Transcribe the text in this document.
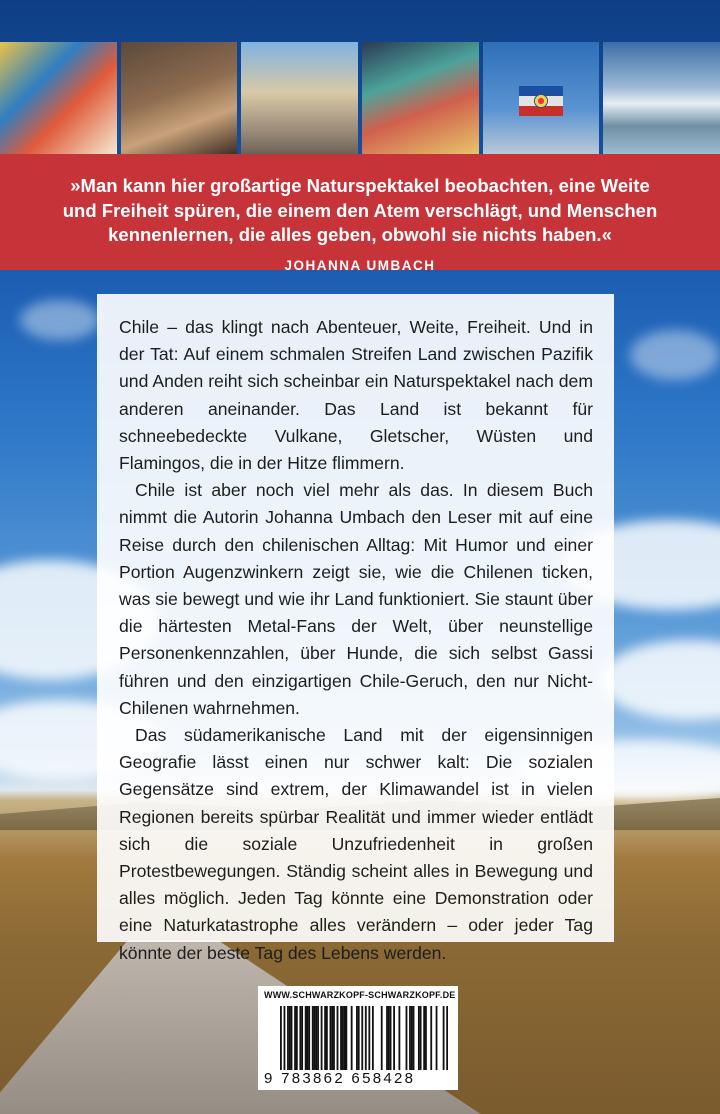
»Man kann hier großartige Naturspektakel beobachten, eine Weite
und Freiheit spüren, die einem den Atem verschlägt, und Menschen
kennenlernen, die alles geben, obwohl sie nichts haben.«
JOHANNA UMBACH

Chile – das klingt nach Abenteuer, Weite, Freiheit. Und in der Tat: Auf einem schmalen Streifen Land zwischen Pazifik und Anden reiht sich scheinbar ein Naturspektakel nach dem anderen aneinander. Das Land ist bekannt für schneebedeckte Vulkane, Gletscher, Wüsten und Flamingos, die in der Hitze flimmern.

Chile ist aber noch viel mehr als das. In diesem Buch nimmt die Autorin Johanna Umbach den Leser mit auf eine Reise durch den chilenischen Alltag: Mit Humor und einer Portion Augenzwinkern zeigt sie, wie die Chilenen ticken, was sie bewegt und wie ihr Land funktioniert. Sie staunt über die härtesten Metal-Fans der Welt, über neunstellige Personenkennzahlen, über Hunde, die sich selbst Gassi führen und den einzigartigen Chile-Geruch, den nur Nicht-Chilenen wahrnehmen.

Das südamerikanische Land mit der eigensinnigen Geografie lässt einen nur schwer kalt: Die sozialen Gegensätze sind extrem, der Klimawandel ist in vielen Regionen bereits spürbar Realität und immer wieder entlädt sich die soziale Unzufriedenheit in großen Protestbewegungen. Ständig scheint alles in Bewegung und alles möglich. Jeden Tag könnte eine Demonstration oder eine Naturkatastrophe alles verändern – oder jeder Tag könnte der beste Tag des Lebens werden.

WWW.SCHWARZKOPF-SCHWARZKOPF.DE
9 783862 658428
